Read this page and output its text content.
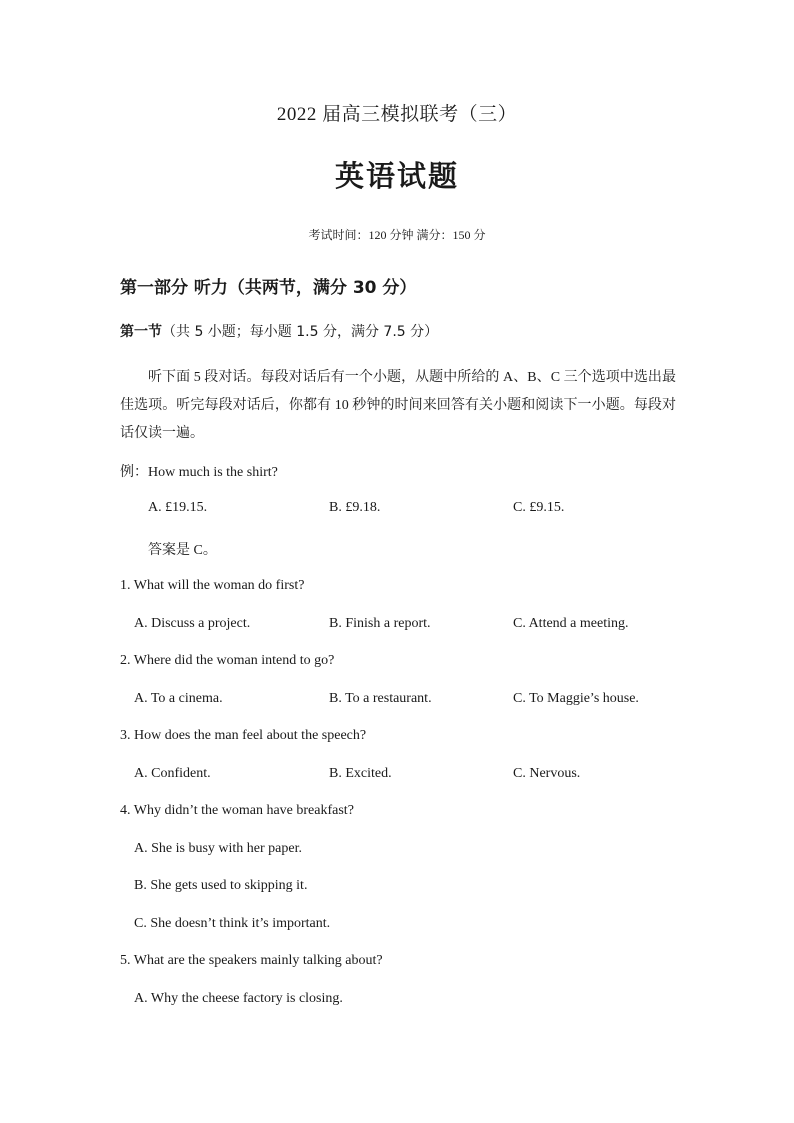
2022 届高三模拟联考（三）
英语试题
考试时间：120 分钟 满分：150 分
第一部分 听力（共两节，满分 30 分）
第一节（共 5 小题；每小题 1.5 分，满分 7.5 分）
听下面 5 段对话。每段对话后有一个小题，从题中所给的 A、B、C 三个选项中选出最佳选项。听完每段对话后，你都有 10 秒钟的时间来回答有关小题和阅读下一小题。每段对话仅读一遍。
例：How much is the shirt?
A. £19.15.	B. £9.18.	C. £9.15.
答案是 C。
1. What will the woman do first?
A. Discuss a project.	B. Finish a report.	C. Attend a meeting.
2. Where did the woman intend to go?
A. To a cinema.	B. To a restaurant.	C. To Maggie’s house.
3. How does the man feel about the speech?
A. Confident.	B. Excited.	C. Nervous.
4. Why didn’t the woman have breakfast?
A. She is busy with her paper.
B. She gets used to skipping it.
C. She doesn’t think it’s important.
5. What are the speakers mainly talking about?
A. Why the cheese factory is closing.
